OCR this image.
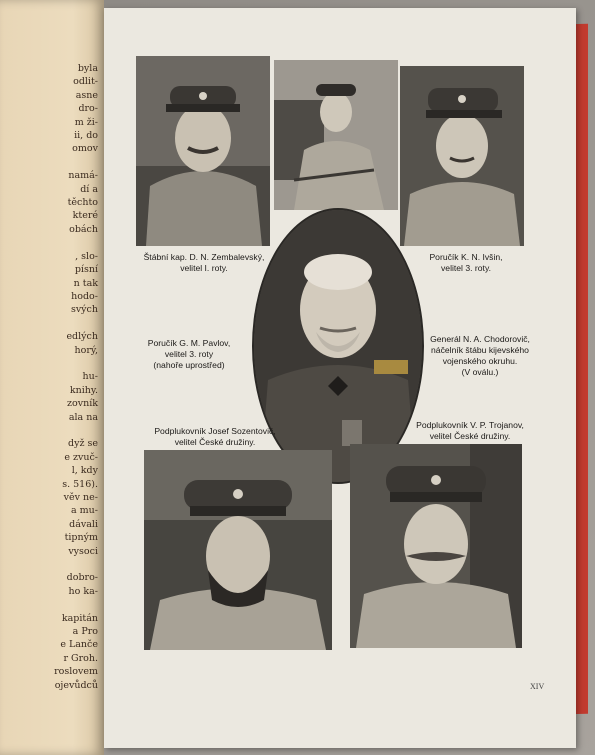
byla
odlit-
asne
dro-
m ži-
ii, do
omov

namá-
dí a
těchto
které
obách

, slo-
písní
n tak
hodo-
svých

edlých
horý,

hu-
knihy.
zovník
ala na

dyž se
e zvuč-
l, kdy
s. 516).
věv ne-
a mu-
dávali
tipným
vysoci

dobro-
ho ka-

kapitán
a Pro
e Lanče
r Groh.
roslovem
ojevůdců
Štábní kap. D. N. Zembalevský,
velitel I. roty.
Poručík K. N. Ivšin,
velitel 3. roty.
Poručík G. M. Pavlov,
velitel 3. roty
(nahoře uprostřed)
Generál N. A. Chodorovič,
náčelník štábu kijevského
vojenského okruhu.
(V oválu.)
Podplukovník Josef Sozentovič,
velitel České družiny.
Podplukovník V. P. Trojanov,
velitel České družiny.
XIV
